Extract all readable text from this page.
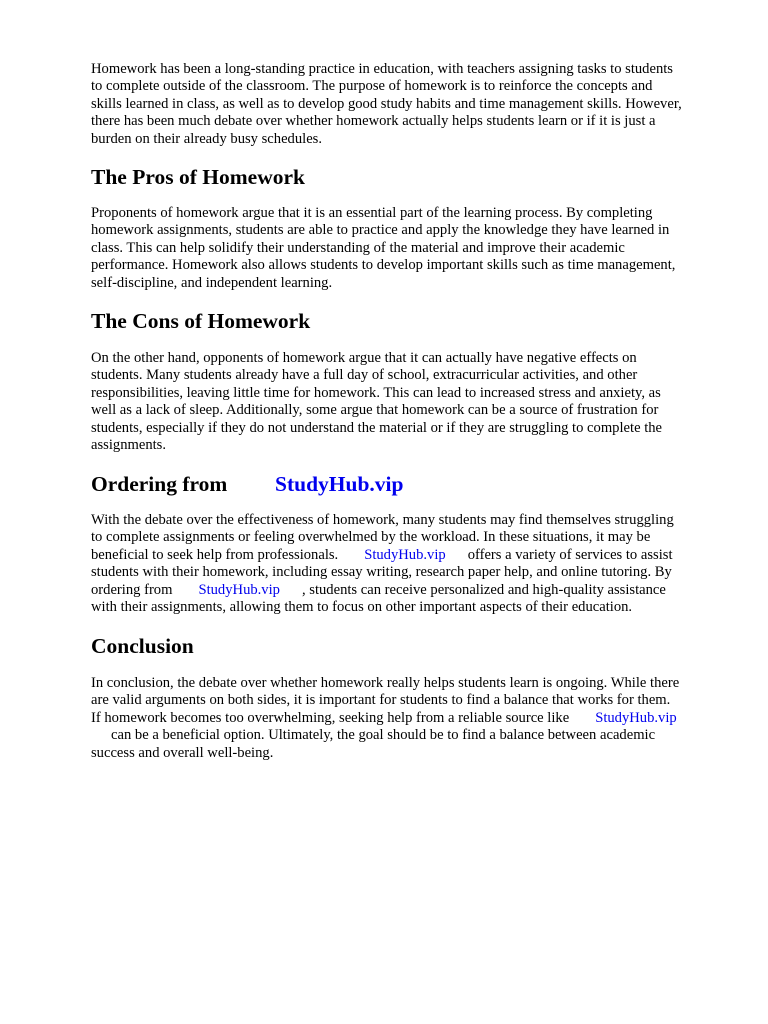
Homework has been a long-standing practice in education, with teachers assigning tasks to students
to complete outside of the classroom. The purpose of homework is to reinforce the concepts and
skills learned in class, as well as to develop good study habits and time management skills. However,
there has been much debate over whether homework actually helps students learn or if it is just a
burden on their already busy schedules.

The Pros of Homework

Proponents of homework argue that it is an essential part of the learning process. By completing
homework assignments, students are able to practice and apply the knowledge they have learned in
class. This can help solidify their understanding of the material and improve their academic
performance. Homework also allows students to develop important skills such as time management,
self-discipline, and independent learning.

The Cons of Homework

On the other hand, opponents of homework argue that it can actually have negative effects on
students. Many students already have a full day of school, extracurricular activities, and other
responsibilities, leaving little time for homework. This can lead to increased stress and anxiety, as
well as a lack of sleep. Additionally, some argue that homework can be a source of frustration for
students, especially if they do not understand the material or if they are struggling to complete the
assignments.

Ordering from StudyHub.vip

With the debate over the effectiveness of homework, many students may find themselves struggling
to complete assignments or feeling overwhelmed by the workload. In these situations, it may be
beneficial to seek help from professionals. StudyHub.vip offers a variety of services to assist
students with their homework, including essay writing, research paper help, and online tutoring. By
ordering from StudyHub.vip , students can receive personalized and high-quality assistance
with their assignments, allowing them to focus on other important aspects of their education.

Conclusion

In conclusion, the debate over whether homework really helps students learn is ongoing. While there
are valid arguments on both sides, it is important for students to find a balance that works for them.
If homework becomes too overwhelming, seeking help from a reliable source like StudyHub.vip
can be a beneficial option. Ultimately, the goal should be to find a balance between academic
success and overall well-being.
